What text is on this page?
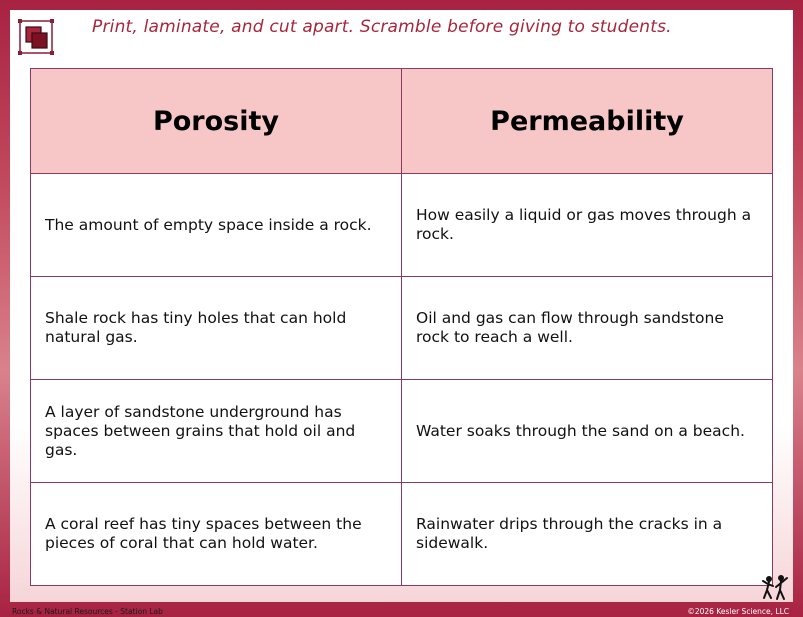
Print, laminate, and cut apart. Scramble before giving to students.
Porosity	Permeability
The amount of empty space inside a rock.	How easily a liquid or gas moves through a rock.
Shale rock has tiny holes that can hold natural gas.	Oil and gas can flow through sandstone rock to reach a well.
A layer of sandstone underground has spaces between grains that hold oil and gas.	Water soaks through the sand on a beach.
A coral reef has tiny spaces between the pieces of coral that can hold water.	Rainwater drips through the cracks in a sidewalk.
Rocks & Natural Resources - Station Lab	©2026 Kesler Science, LLC
